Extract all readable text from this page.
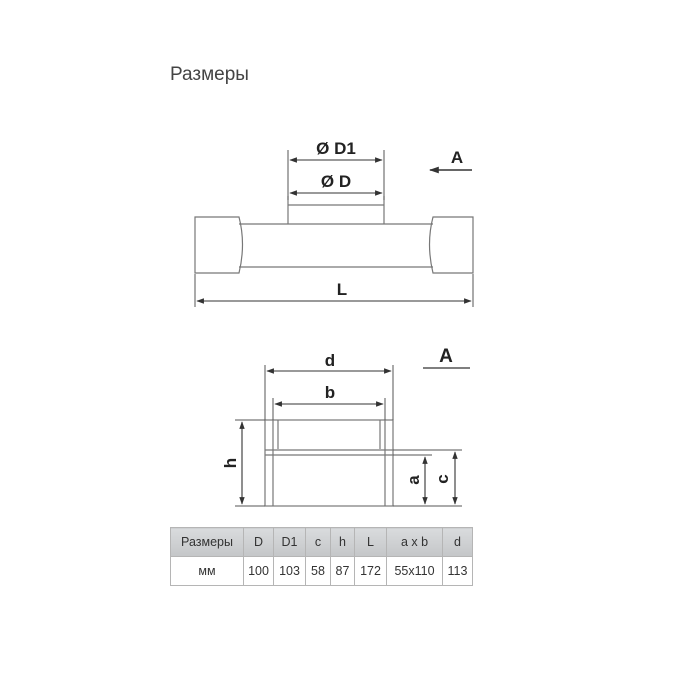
Размеры
Ø D1
Ø D
L
A
d
b
A
h
a c
Размеры	D	D1	c	h	L	a x b	d
мм	100	103	58	87	172	55x110	113
